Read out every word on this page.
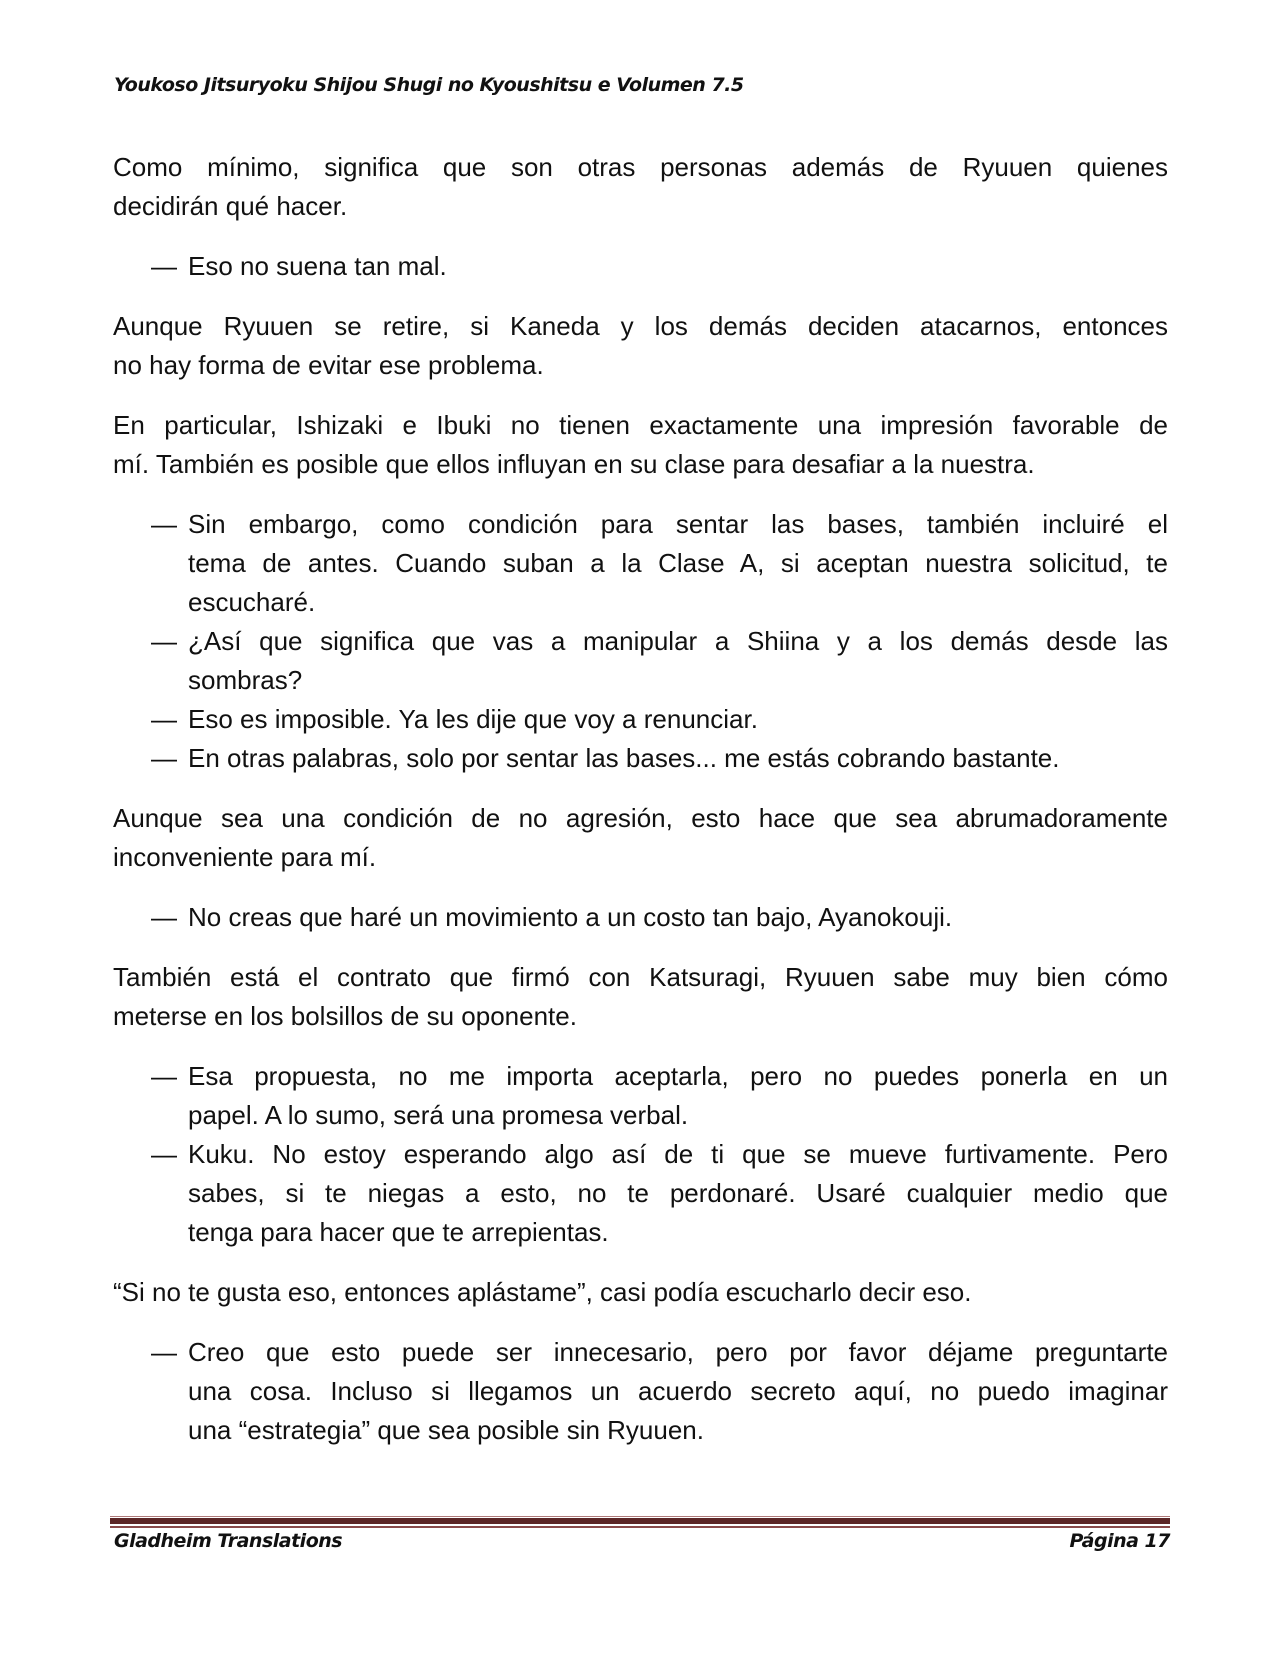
Youkoso Jitsuryoku Shijou Shugi no Kyoushitsu e Volumen 7.5
Como mínimo, significa que son otras personas además de Ryuuen quienes
decidirán qué hacer.
— Eso no suena tan mal.
Aunque Ryuuen se retire, si Kaneda y los demás deciden atacarnos, entonces
no hay forma de evitar ese problema.
En particular, Ishizaki e Ibuki no tienen exactamente una impresión favorable de
mí. También es posible que ellos influyan en su clase para desafiar a la nuestra.
— Sin embargo, como condición para sentar las bases, también incluiré el
tema de antes. Cuando suban a la Clase A, si aceptan nuestra solicitud, te
escucharé.
— ¿Así que significa que vas a manipular a Shiina y a los demás desde las
sombras?
— Eso es imposible. Ya les dije que voy a renunciar.
— En otras palabras, solo por sentar las bases... me estás cobrando bastante.
Aunque sea una condición de no agresión, esto hace que sea abrumadoramente
inconveniente para mí.
— No creas que haré un movimiento a un costo tan bajo, Ayanokouji.
También está el contrato que firmó con Katsuragi, Ryuuen sabe muy bien cómo
meterse en los bolsillos de su oponente.
— Esa propuesta, no me importa aceptarla, pero no puedes ponerla en un
papel. A lo sumo, será una promesa verbal.
— Kuku. No estoy esperando algo así de ti que se mueve furtivamente. Pero
sabes, si te niegas a esto, no te perdonaré. Usaré cualquier medio que
tenga para hacer que te arrepientas.
“Si no te gusta eso, entonces aplástame”, casi podía escucharlo decir eso.
— Creo que esto puede ser innecesario, pero por favor déjame preguntarte
una cosa. Incluso si llegamos un acuerdo secreto aquí, no puedo imaginar
una “estrategia” que sea posible sin Ryuuen.
Gladheim Translations	Página 17
